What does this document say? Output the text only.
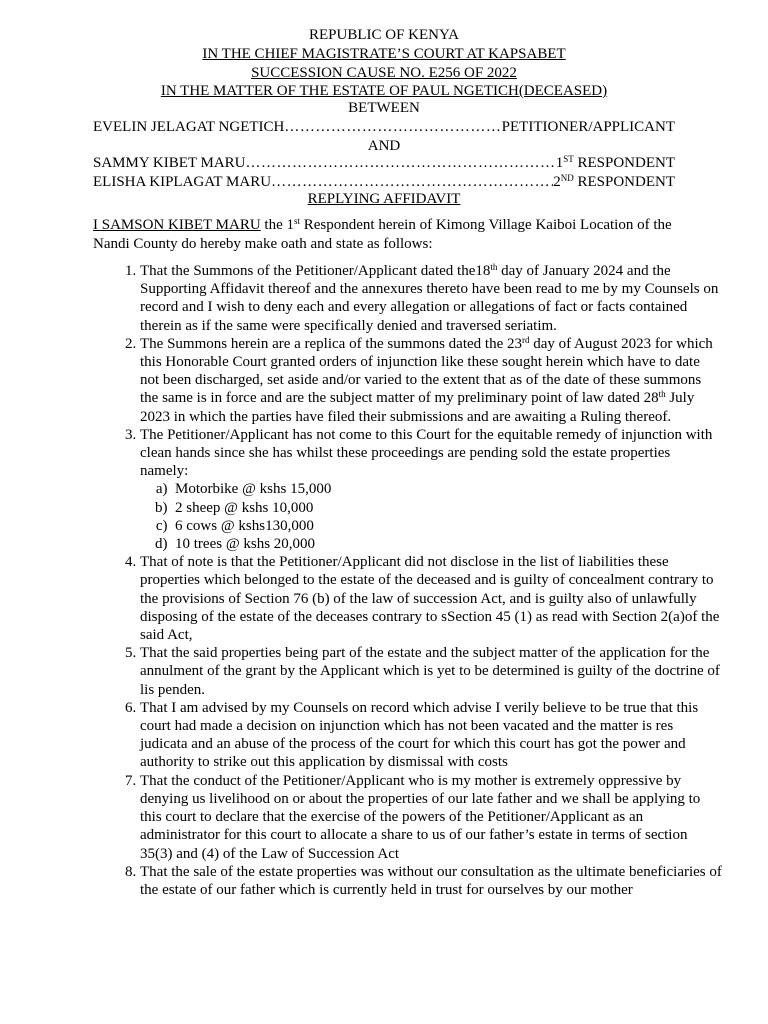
REPUBLIC OF KENYA
IN THE CHIEF MAGISTRATE’S COURT AT KAPSABET
SUCCESSION CAUSE NO. E256 OF 2022
IN THE MATTER OF THE ESTATE OF PAUL NGETICH(DECEASED)
BETWEEN
EVELIN JELAGAT NGETICH ……………………………………………………………………………………………………………………	PETITIONER/APPLICANT
AND
SAMMY KIBET MARU ……………………………………………………………………………………………………………………	1ST RESPONDENT
ELISHA KIPLAGAT MARU ……………………………………………………………………………………………………………………	2ND RESPONDENT
REPLYING AFFIDAVIT

I SAMSON KIBET MARU the 1st Respondent herein of Kimong Village Kaiboi Location of the Nandi County do hereby make oath and state as follows:

1. That the Summons of the Petitioner/Applicant dated the18th day of January 2024 and the Supporting Affidavit thereof and the annexures thereto have been read to me by my Counsels on record and I wish to deny each and every allegation or allegations of fact or facts contained therein as if the same were specifically denied and traversed seriatim.
2. The Summons herein are a replica of the summons dated the 23rd day of August 2023 for which this Honorable Court granted orders of injunction like these sought herein which have to date not been discharged, set aside and/or varied to the extent that as of the date of these summons the same is in force and are the subject matter of my preliminary point of law dated 28th July 2023 in which the parties have filed their submissions and are awaiting a Ruling thereof.
3. The Petitioner/Applicant has not come to this Court for the equitable remedy of injunction with clean hands since she has whilst these proceedings are pending sold the estate properties namely:
a. Motorbike @ kshs 15,000
b. 2 sheep @ kshs 10,000
c. 6 cows @ kshs130,000
d. 10 trees @ kshs 20,000
4. That of note is that the Petitioner/Applicant did not disclose in the list of liabilities these properties which belonged to the estate of the deceased and is guilty of concealment contrary to the provisions of Section 76 (b) of the law of succession Act, and is guilty also of unlawfully disposing of the estate of the deceases contrary to sSection 45 (1) as read with Section 2(a)of the said Act,
5. That the said properties being part of the estate and the subject matter of the application for the annulment of the grant by the Applicant which is yet to be determined is guilty of the doctrine of lis penden.
6. That I am advised by my Counsels on record which advise I verily believe to be true that this court had made a decision on injunction which has not been vacated and the matter is res judicata and an abuse of the process of the court for which this court has got the power and authority to strike out this application by dismissal with costs
7. That the conduct of the Petitioner/Applicant who is my mother is extremely oppressive by denying us livelihood on or about the properties of our late father and we shall be applying to this court to declare that the exercise of the powers of the Petitioner/Applicant as an administrator for this court to allocate a share to us of our father’s estate in terms of section 35(3) and (4) of the Law of Succession Act
8. That the sale of the estate properties was without our consultation as the ultimate beneficiaries of the estate of our father which is currently held in trust for ourselves by our mother
